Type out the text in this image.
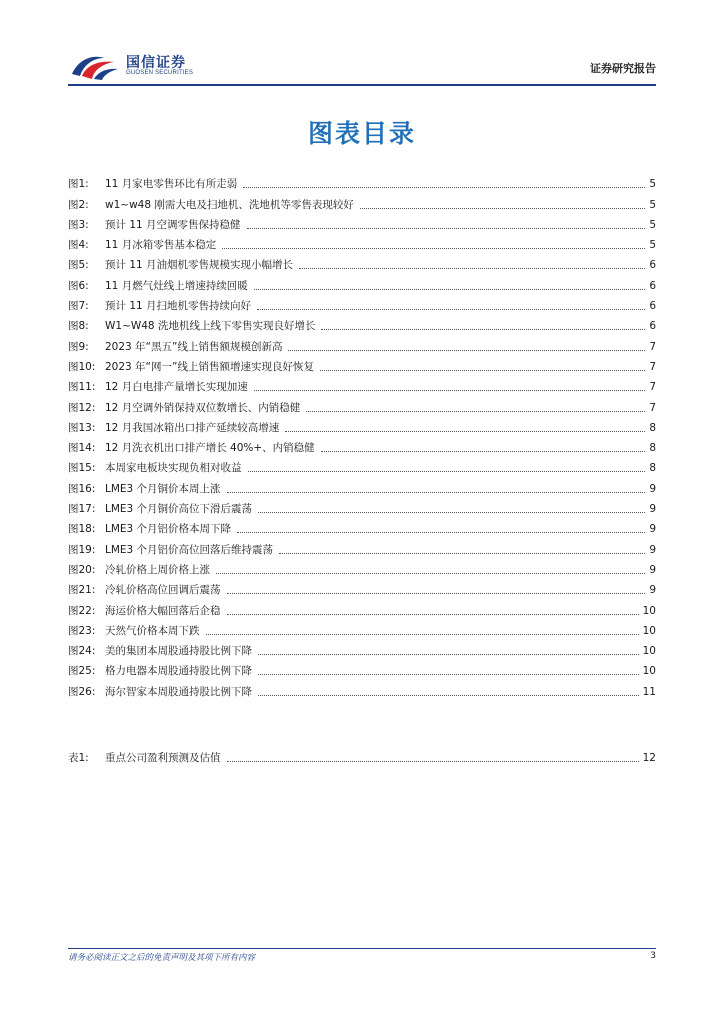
国信证券
GUOSEN SECURITIES	证券研究报告
图表目录
图1:	11 月家电零售环比有所走弱	5
图2:	w1~w48 刚需大电及扫地机、洗地机等零售表现较好	5
图3:	预计 11 月空调零售保持稳健	5
图4:	11 月冰箱零售基本稳定	5
图5:	预计 11 月油烟机零售规模实现小幅增长	6
图6:	11 月燃气灶线上增速持续回暖	6
图7:	预计 11 月扫地机零售持续向好	6
图8:	W1~W48 洗地机线上线下零售实现良好增长	6
图9:	2023 年“黑五”线上销售额规模创新高	7
图10: 2023 年“网一”线上销售额增速实现良好恢复	7
图11: 12 月白电排产量增长实现加速	7
图12: 12 月空调外销保持双位数增长、内销稳健	7
图13: 12 月我国冰箱出口排产延续较高增速	8
图14: 12 月洗衣机出口排产增长 40%+、内销稳健	8
图15: 本周家电板块实现负相对收益	8
图16: LME3 个月铜价本周上涨	9
图17: LME3 个月铜价高位下滑后震荡	9
图18: LME3 个月铝价格本周下降	9
图19: LME3 个月铝价高位回落后维持震荡	9
图20: 冷轧价格上周价格上涨	9
图21: 冷轧价格高位回调后震荡	9
图22: 海运价格大幅回落后企稳	10
图23: 天然气价格本周下跌	10
图24: 美的集团本周股通持股比例下降	10
图25: 格力电器本周股通持股比例下降	10
图26: 海尔智家本周股通持股比例下降	11
表1:	重点公司盈利预测及估值	12
请务必阅读正文之后的免责声明及其项下所有内容	3
